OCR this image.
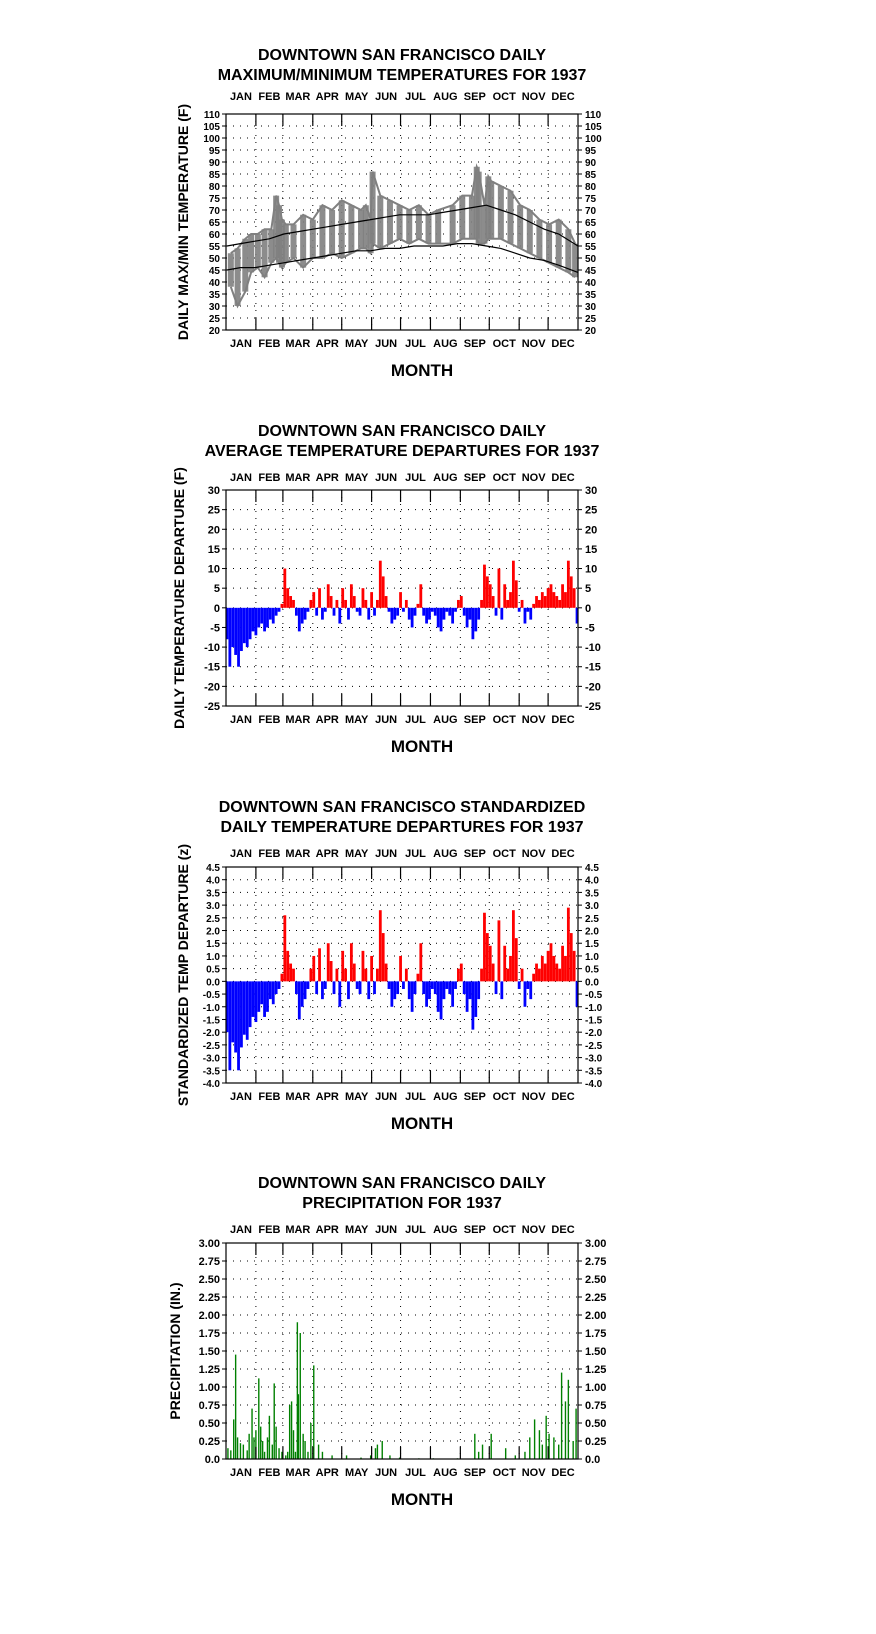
DOWNTOWN SAN FRANCISCO DAILY
MAXIMUM/MINIMUM TEMPERATURES FOR 1937
JAN
JAN
FEB
FEB
MAR
MAR
APR
APR
MAY
MAY
JUN
JUN
JUL
JUL
AUG
AUG
SEP
SEP
OCT
OCT
NOV
NOV
DEC
DEC
110	110
105	105
100	100
95	95
90	90
85	85
80	80
75	75
70	70
65	65
60	60
55	55
50	50
45	45
40	40
35	35
30	30
25	25
20	20
MONTH
DAILY MAX/MIN TEMPERATURE (F)
DOWNTOWN SAN FRANCISCO DAILY
AVERAGE TEMPERATURE DEPARTURES FOR 1937
JAN
JAN
FEB
FEB
MAR
MAR
APR
APR
MAY
MAY
JUN
JUN
JUL
JUL
AUG
AUG
SEP
SEP
OCT
OCT
NOV
NOV
DEC
DEC
30	30
25	25
20	20
15	15
10	10
5	5
0	0
-5	-5
-10	-10
-15	-15
-20	-20
-25	-25
MONTH
DAILY TEMPERATURE DEPARTURE (F)
DOWNTOWN SAN FRANCISCO STANDARDIZED
DAILY TEMPERATURE DEPARTURES FOR 1937
JAN
JAN
FEB
FEB
MAR
MAR
APR
APR
MAY
MAY
JUN
JUN
JUL
JUL
AUG
AUG
SEP
SEP
OCT
OCT
NOV
NOV
DEC
DEC
4.5	4.5
4.0	4.0
3.5	3.5
3.0	3.0
2.5	2.5
2.0	2.0
1.5	1.5
1.0	1.0
0.5	0.5
0.0	0.0
-0.5	-0.5
-1.0	-1.0
-1.5	-1.5
-2.0	-2.0
-2.5	-2.5
-3.0	-3.0
-3.5	-3.5
-4.0	-4.0
MONTH
STANDARDIZED TEMP DEPARTURE (z)
DOWNTOWN SAN FRANCISCO DAILY
PRECIPITATION FOR 1937
JAN
JAN
FEB
FEB
MAR
MAR
APR
APR
MAY
MAY
JUN
JUN
JUL
JUL
AUG
AUG
SEP
SEP
OCT
OCT
NOV
NOV
DEC
DEC
3.00	3.00
2.75	2.75
2.50	2.50
2.25	2.25
2.00	2.00
1.75	1.75
1.50	1.50
1.25	1.25
1.00	1.00
0.75	0.75
0.50	0.50
0.25	0.25
0.0	0.0
MONTH
PRECIPITATION (IN.)
